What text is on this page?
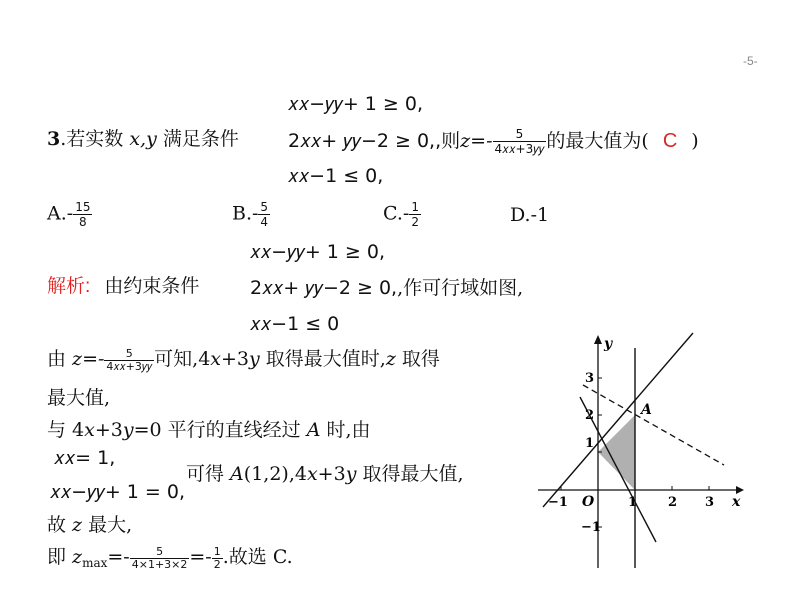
-5-
𝑥𝑥−𝑦𝑦+ 1 ≥ 0,
3.若实数 x,y 满足条件	2𝑥𝑥+ 𝑦𝑦−2 ≥ 0,,则$z=- \frac{5}{\text{4𝑥𝑥+3𝑦𝑦}}$ 的最大值为( C )
𝑥𝑥−1 ≤ 0,
$A.- \frac{15}{8}$	$B.- \frac{5}{4}$	$C.- \frac{1}{2}$	D.-1
𝑥𝑥−𝑦𝑦+ 1 ≥ 0,
解析: 由约束条件	2𝑥𝑥+ 𝑦𝑦−2 ≥ 0,,作可行域如图,
𝑥𝑥−1 ≤ 0
由 $z=- \frac{5}{\text{4𝑥𝑥+3𝑦𝑦}}$ 可知,4x+3y 取得最大值时,z 取得
最大值,
与 4x+3y=0 平行的直线经过 A 时,由
𝑥𝑥= 1,
𝑥𝑥−𝑦𝑦+ 1 = 0,
可得 A(1,2),4x+3y 取得最大值,
故 z 最大,
即 $z_{max}=- \frac{5}{4\times 1+3\times 2} =- \frac{1}{2}$ .故选 C.
y
x
O
A
−1	1 2 3
3
2
1
−1
